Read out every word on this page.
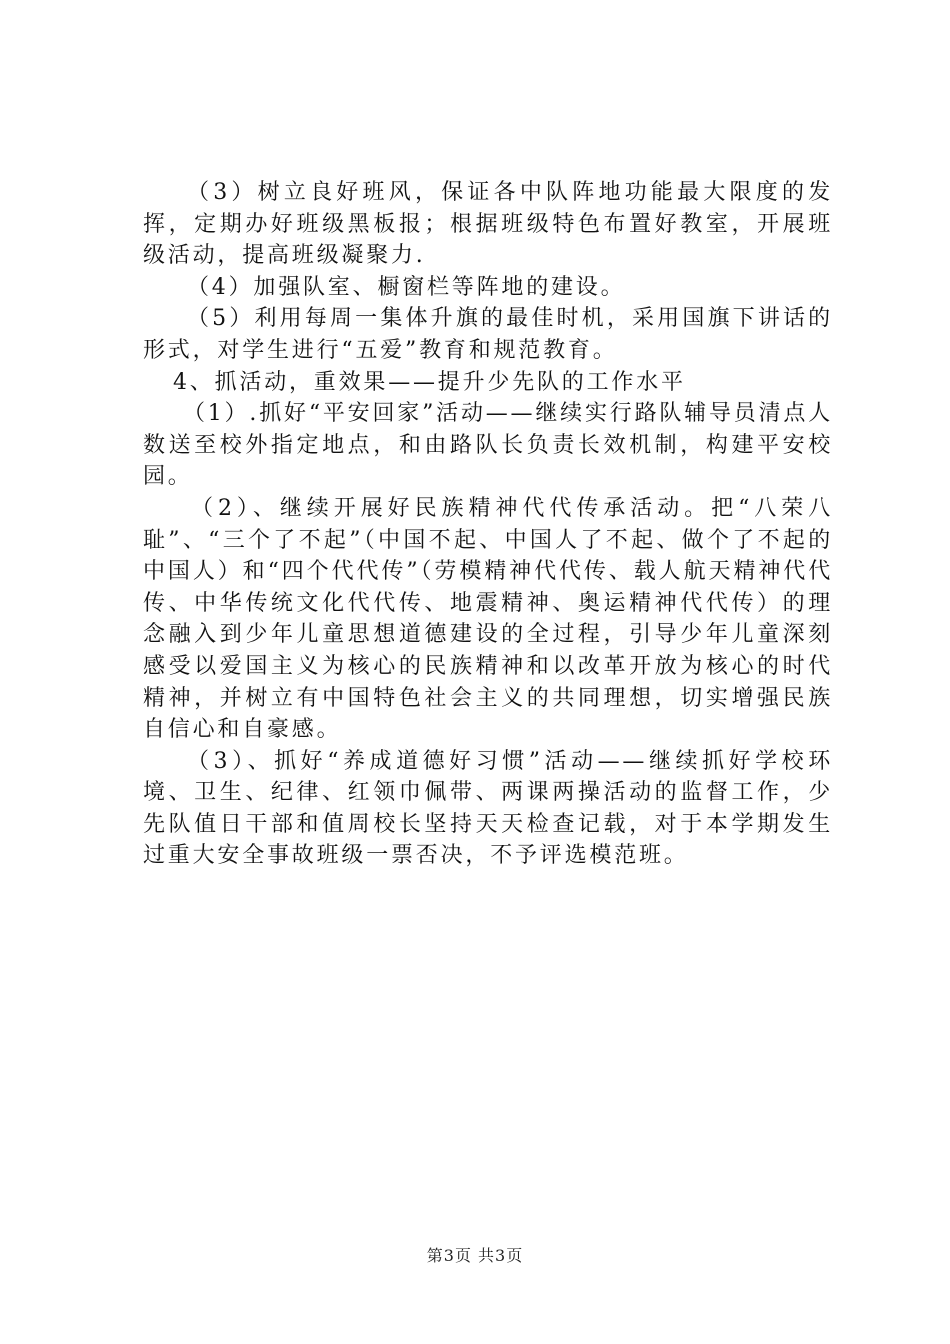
（3）树立良好班风，保证各中队阵地功能最大限度的发挥，定期办好班级黑板报；根据班级特色布置好教室，开展班级活动，提高班级凝聚力.

（4）加强队室、橱窗栏等阵地的建设。

（5）利用每周一集体升旗的最佳时机，采用国旗下讲话的形式，对学生进行“五爱”教育和规范教育。

4、抓活动，重效果——提升少先队的工作水平

（1）.抓好“平安回家”活动——继续实行路队辅导员清点人数送至校外指定地点，和由路队长负责长效机制，构建平安校园。

（2）、继续开展好民族精神代代传承活动。把“八荣八耻”、“三个了不起”（中国不起、中国人了不起、做个了不起的中国人）和“四个代代传”（劳模精神代代传、载人航天精神代代传、中华传统文化代代传、地震精神、奥运精神代代传）的理念融入到少年儿童思想道德建设的全过程，引导少年儿童深刻感受以爱国主义为核心的民族精神和以改革开放为核心的时代精神，并树立有中国特色社会主义的共同理想，切实增强民族自信心和自豪感。

（3）、抓好“养成道德好习惯”活动——继续抓好学校环境、卫生、纪律、红领巾佩带、两课两操活动的监督工作，少先队值日干部和值周校长坚持天天检查记载，对于本学期发生过重大安全事故班级一票否决，不予评选模范班。

第3页 共3页
